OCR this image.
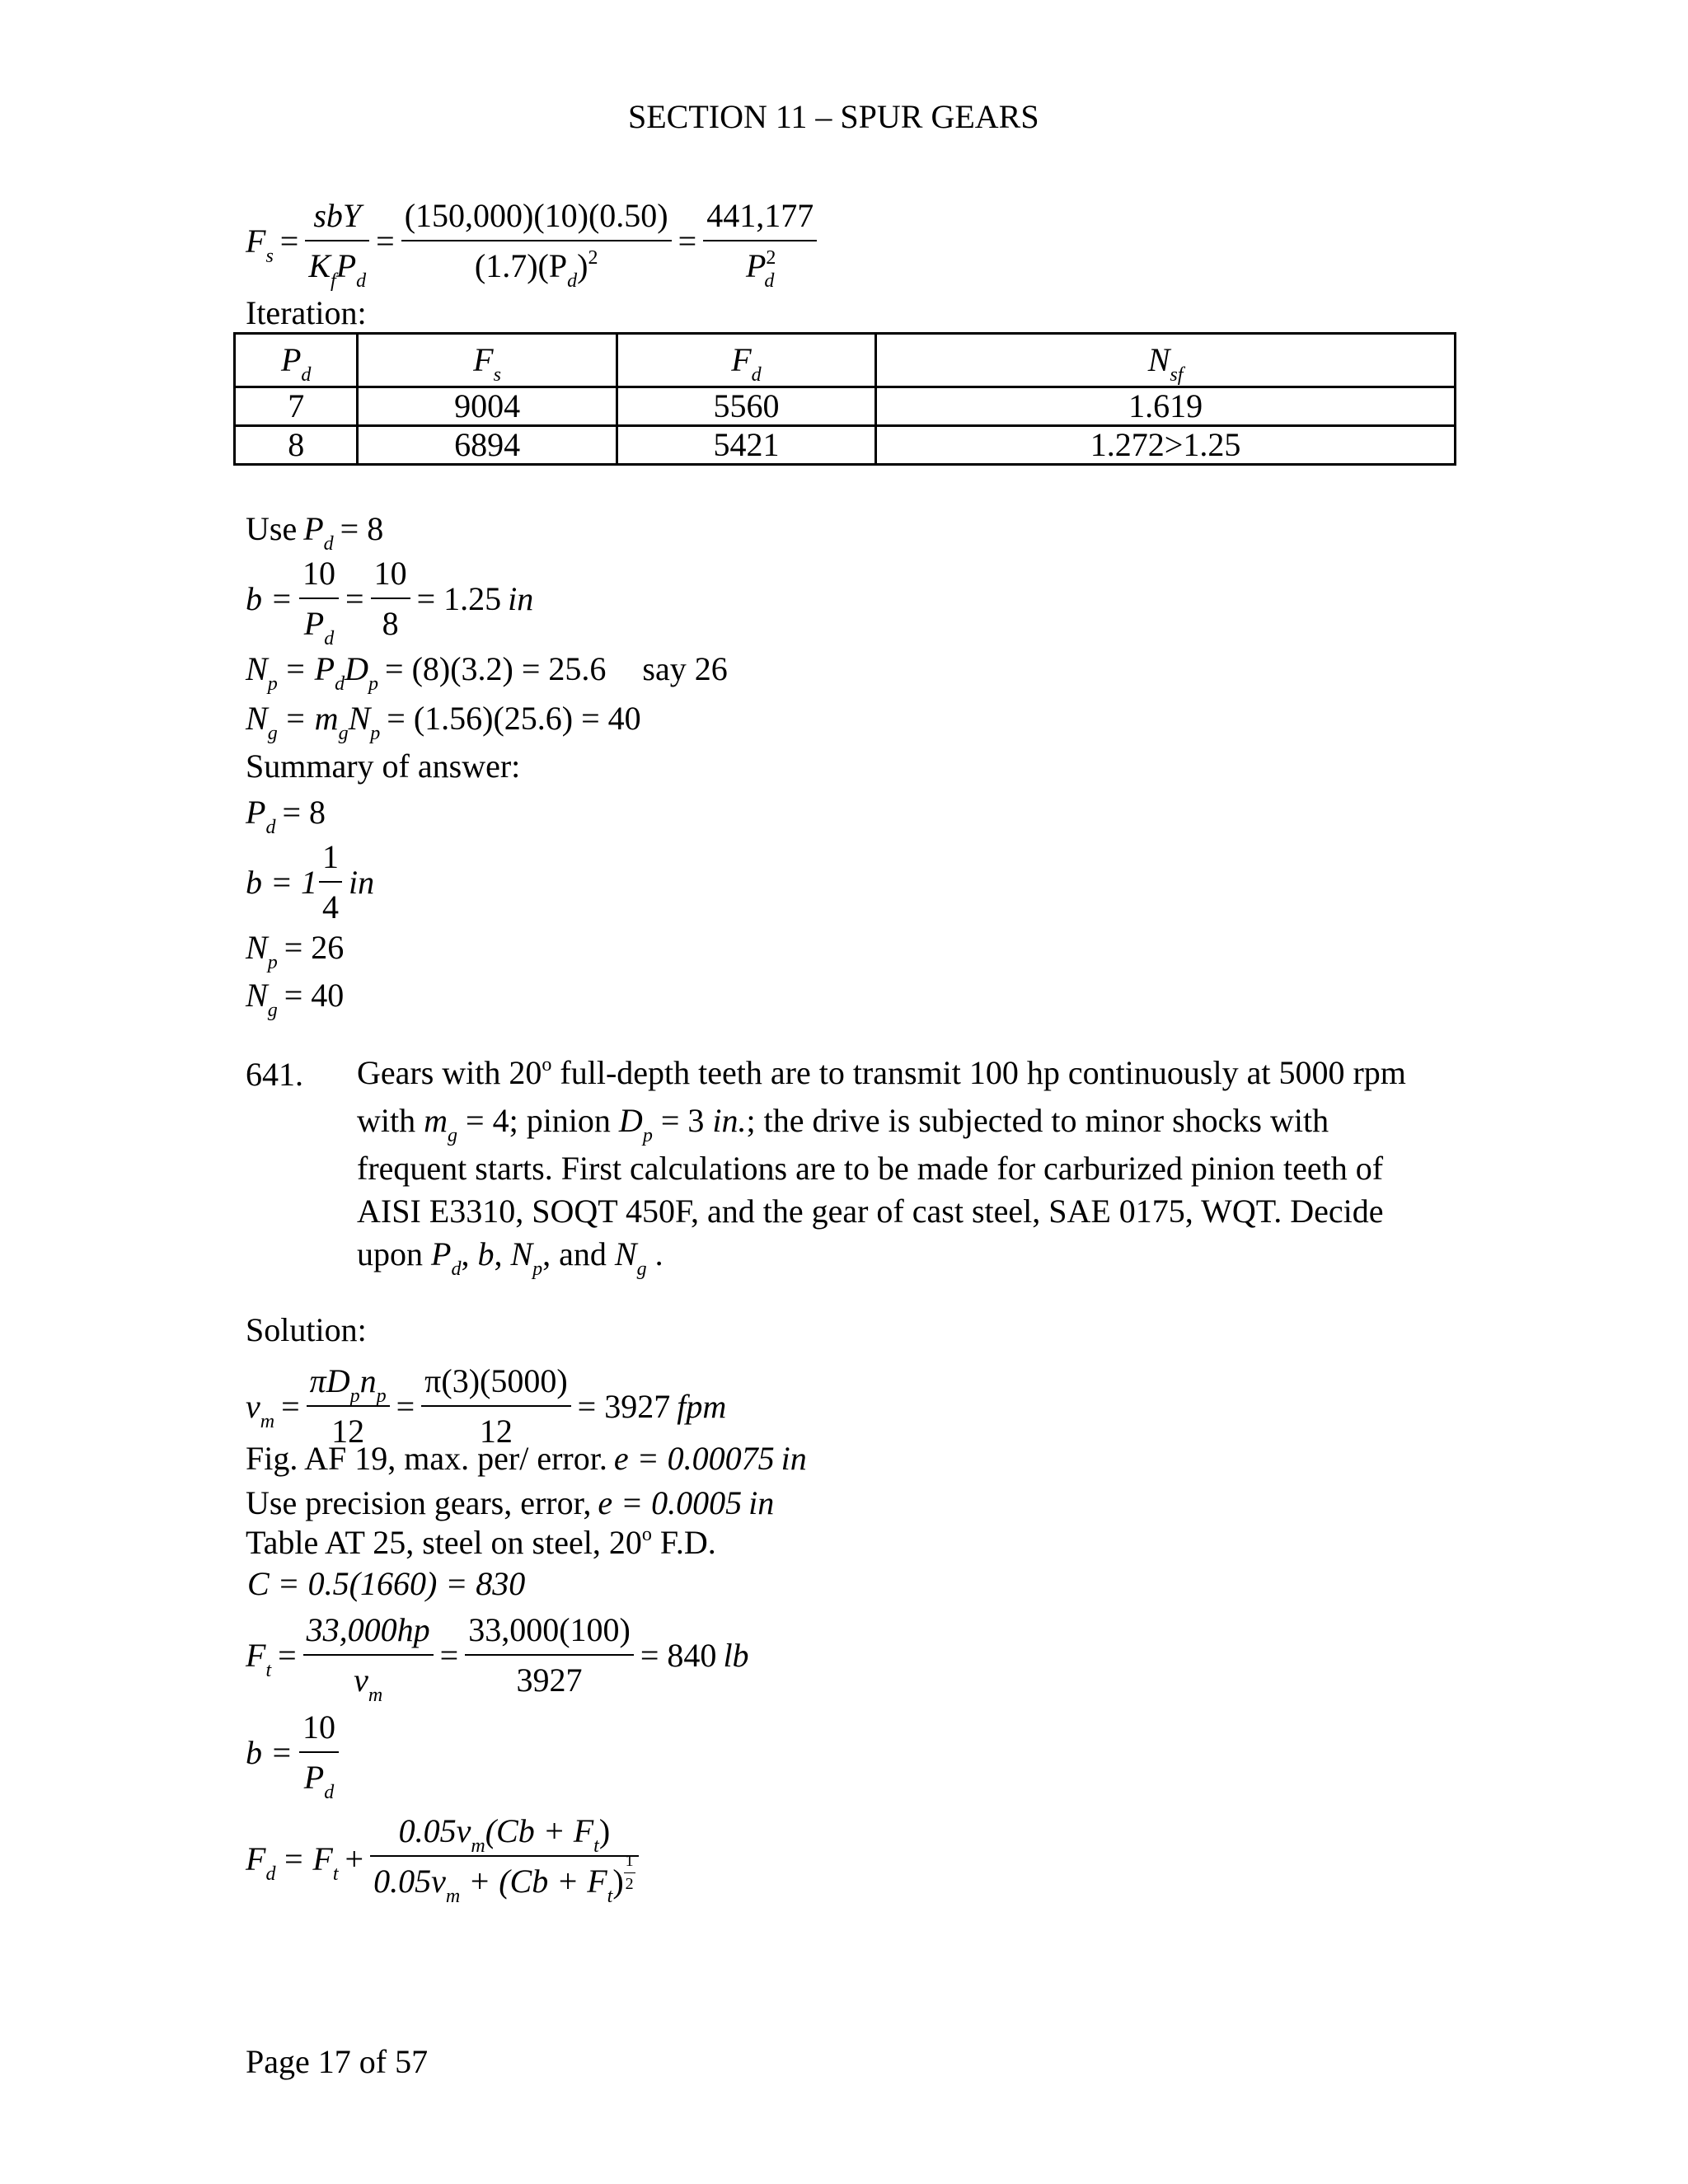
SECTION 11 – SPUR GEARS
$F_s = \frac{\text{sbY}}{K_fP_d} = \frac{(150,000)(10)(0.50)}{(1.7)(P_d)^2} = \frac{441,177}{P^2_d}$
Iteration:
$P_d$	$F_s$	$F_d$	$N_{sf}$
7	9004	5560	1.619
8	6894	5421	1.272>1.25
Use $P_d = 8$
$b = \frac{10}{P_d} = \frac{10}{8} = 1.25$ in
$N_p = P_dD_p = (8)(3.2) = 25.6$ say 26
$N_g = m_gN_p = (1.56)(25.6) = 40$
Summary of answer:
$P_d = 8$
$b = 1 \frac{1}{4}$ in
$N_p = 26$
$N_g = 40$
641. Gears with 20$^o$ full-depth teeth are to transmit 100 hp continuously at 5000 rpm
with $m_g = 4$; pinion $D_p = 3$ in.; the drive is subjected to minor shocks with
frequent starts. First calculations are to be made for carburized pinion teeth of
AISI E3310, SOQT 450F, and the gear of cast steel, SAE 0175, WQT. Decide
upon $P_d$, b, $N_p$, and $N_g$ .
Solution:
$v_m = \frac{\pi D_pn_p}{12} = \frac{\pi(3)(5000)}{12} = 3927$ fpm
Fig. AF 19, max. per/ error. e = 0.00075 in
Use precision gears, error, e = 0.0005 in
Table AT 25, steel on steel, 20$^o$ F.D.
C = 0.5(1660) = 830
$F_t = \frac{33,000hp}{v_m} = \frac{33,000(100)}{3927} = 840$ lb
$b = \frac{10}{P_d}$
$F_d = F_t + \frac{0.05v_m(Cb + F_t)}{0.05v_m + (Cb + F_t) \frac{1}{2}}$
Page 17 of 57
